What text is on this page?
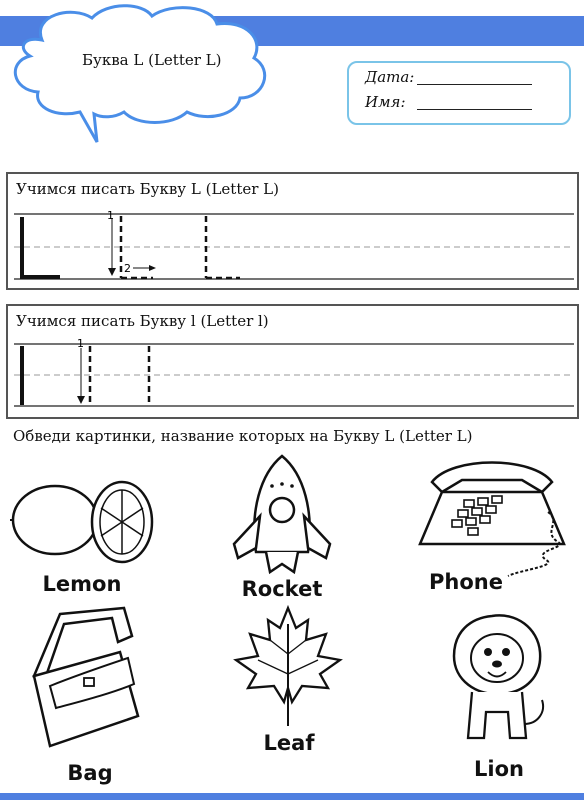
Буква L (Letter L)
Дата:
Имя:
Учимся писать Букву L (Letter L)
1
2
Учимся писать Букву l (Letter l)
1
Обведи картинки, название которых на Букву L (Letter L)
Lemon	Rocket	Phone
Bag
Leaf
Lion
